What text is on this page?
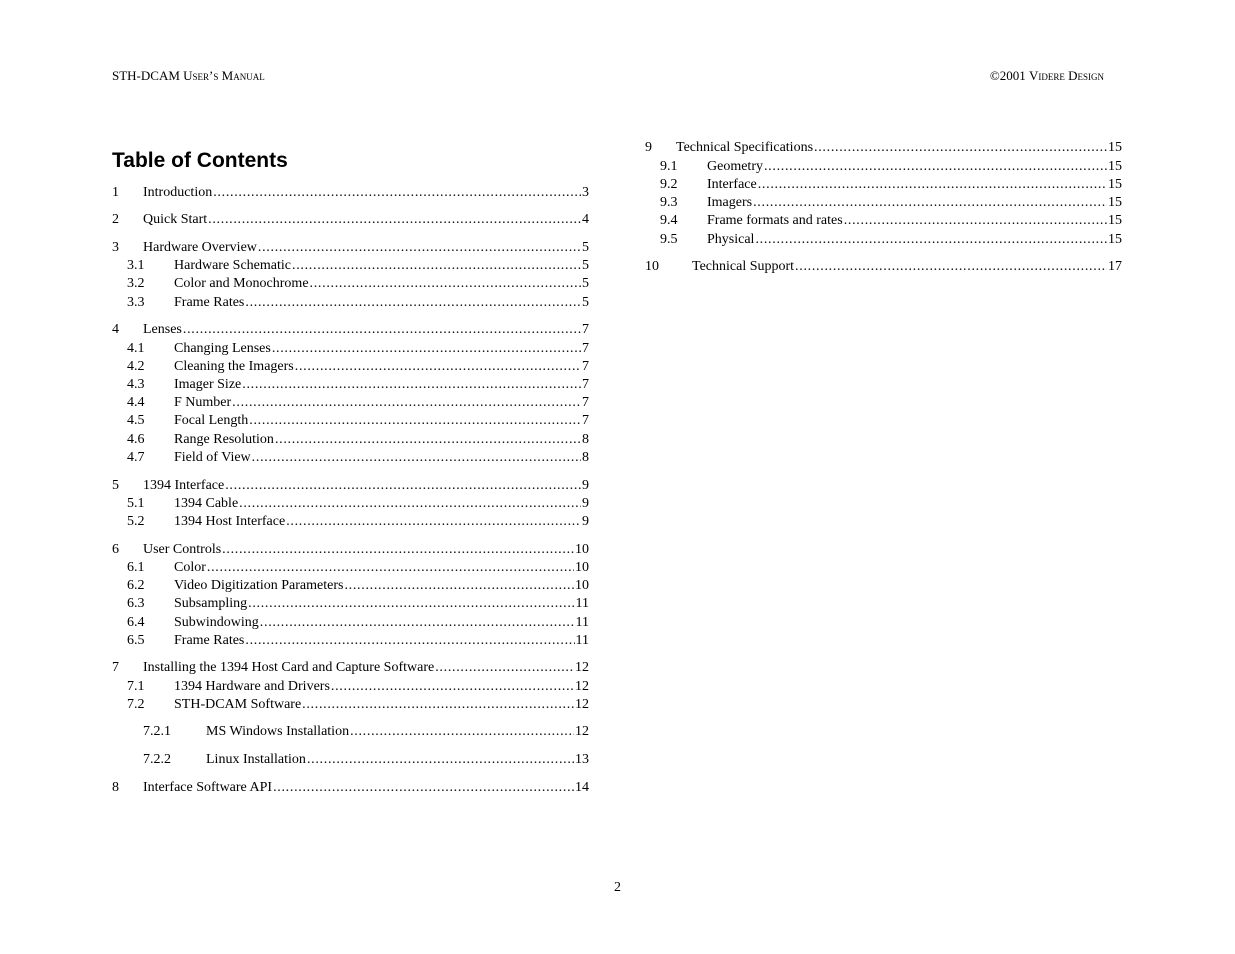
STH-DCAM User’s Manual	©2001 Videre Design
Table of Contents
1	Introduction . . .	3
2	Quick Start . . .	4
3	Hardware Overview . . .	5
3.1	Hardware Schematic . . .	5
3.2	Color and Monochrome . . .	5
3.3	Frame Rates . . .	5
4	Lenses . . .	7
4.1	Changing Lenses . . .	7
4.2	Cleaning the Imagers . . .	7
4.3	Imager Size . . .	7
4.4	F Number . . .	7
4.5	Focal Length . . .	7
4.6	Range Resolution . . .	8
4.7	Field of View . . .	8
5	1394 Interface . . .	9
5.1	1394 Cable . . .	9
5.2	1394 Host Interface . . .	9
6	User Controls . . .	10
6.1	Color . . .	10
6.2	Video Digitization Parameters . . .	10
6.3	Subsampling . . .	11
6.4	Subwindowing . . .	11
6.5	Frame Rates . . .	11
7	Installing the 1394 Host Card and Capture Software . . .	12
7.1	1394 Hardware and Drivers . . .	12
7.2	STH-DCAM Software . . .	12
7.2.1	MS Windows Installation . . .	12
7.2.2	Linux Installation . . .	13
8	Interface Software API . . .	14
9	Technical Specifications . . .	15
9.1	Geometry . . .	15
9.2	Interface . . .	15
9.3	Imagers . . .	15
9.4	Frame formats and rates . . .	15
9.5	Physical . . .	15
10	Technical Support . . .	17
2
